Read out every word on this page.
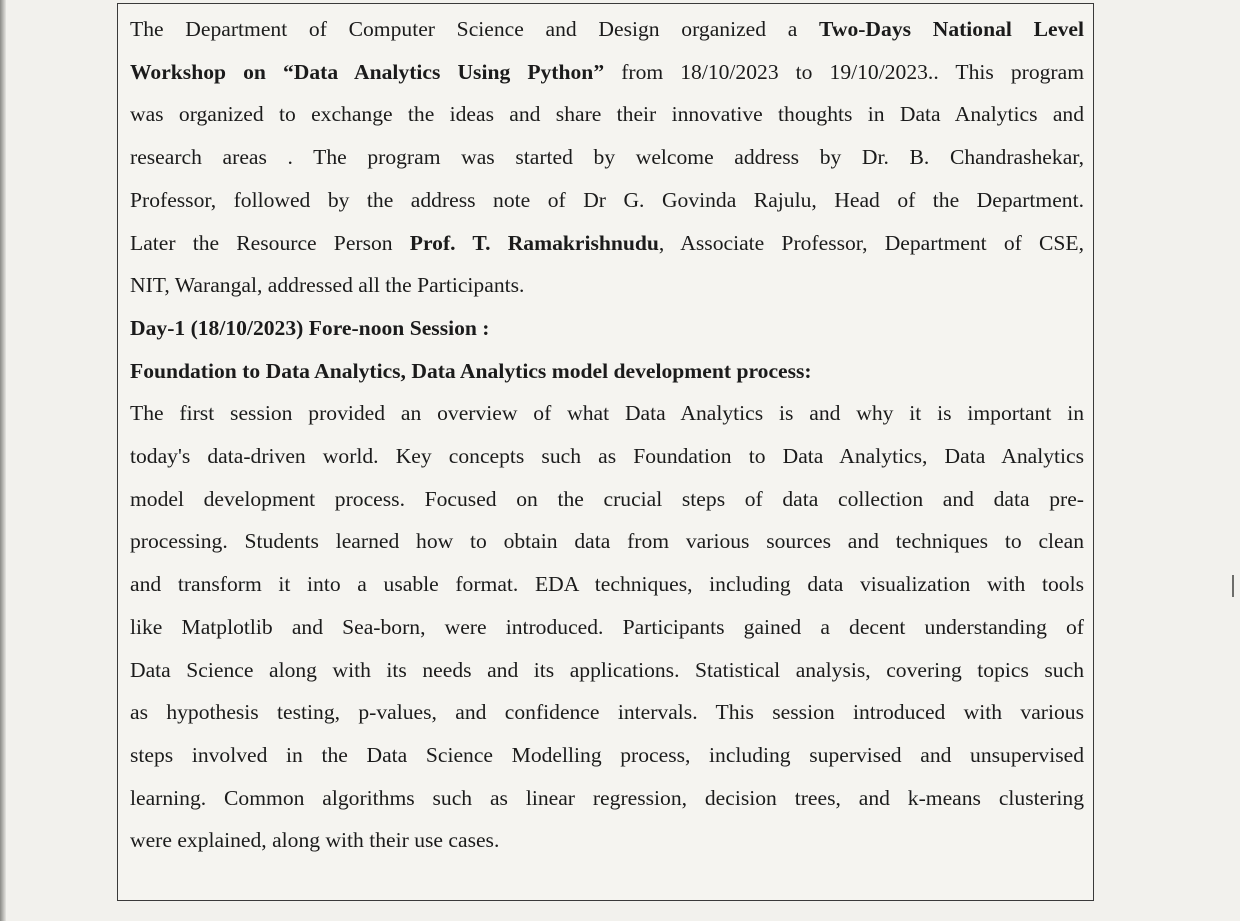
The Department of Computer Science and Design organized a Two-Days National Level
Workshop on “Data Analytics Using Python” from 18/10/2023 to 19/10/2023.. This program
was organized to exchange the ideas and share their innovative thoughts in Data Analytics and
research areas . The program was started by welcome address by Dr. B. Chandrashekar,
Professor, followed by the address note of Dr G. Govinda Rajulu, Head of the Department.
Later the Resource Person Prof. T. Ramakrishnudu, Associate Professor, Department of CSE,
NIT, Warangal, addressed all the Participants.
Day-1 (18/10/2023) Fore-noon Session :
Foundation to Data Analytics, Data Analytics model development process:
The first session provided an overview of what Data Analytics is and why it is important in
today's data-driven world. Key concepts such as Foundation to Data Analytics, Data Analytics
model development process. Focused on the crucial steps of data collection and data pre-
processing. Students learned how to obtain data from various sources and techniques to clean
and transform it into a usable format. EDA techniques, including data visualization with tools
like Matplotlib and Sea-born, were introduced. Participants gained a decent understanding of
Data Science along with its needs and its applications. Statistical analysis, covering topics such
as hypothesis testing, p-values, and confidence intervals. This session introduced with various
steps involved in the Data Science Modelling process, including supervised and unsupervised
learning. Common algorithms such as linear regression, decision trees, and k-means clustering
were explained, along with their use cases.
